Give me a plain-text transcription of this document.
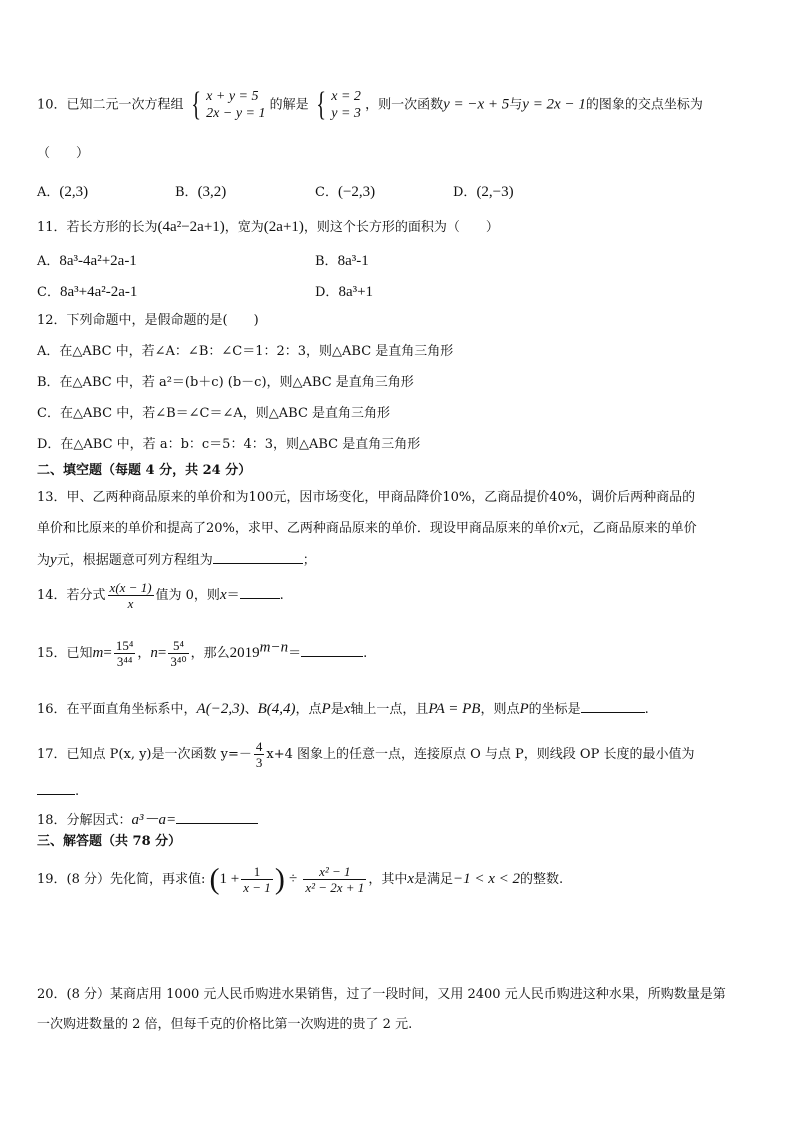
10．已知二元一次方程组 { x + y = 5
2x − y = 1
的解是 { x = 2
y = 3
，则一次函数y = −x + 5与y = 2x − 1的图象的交点坐标为
（　　）
A．(2,3)	B．(3,2)	C．(−2,3)	D．(2,−3)
11．若长方形的长为(4a²−2a+1)，宽为(2a+1)，则这个长方形的面积为（　　）
A．8a³-4a²+2a-1	B．8a³-1
C．8a³+4a²-2a-1	D．8a³+1
12．下列命题中，是假命题的是(　　)
A．在△ABC 中，若∠A：∠B：∠C＝1：2：3，则△ABC 是直角三角形
B．在△ABC 中，若 a²＝(b＋c) (b－c)，则△ABC 是直角三角形
C．在△ABC 中，若∠B＝∠C＝∠A，则△ABC 是直角三角形
D．在△ABC 中，若 a：b：c＝5：4：3，则△ABC 是直角三角形
二、填空题（每题 4 分，共 24 分）
13．甲、乙两种商品原来的单价和为100元，因市场变化，甲商品降价10%，乙商品提价40%，调价后两种商品的
单价和比原来的单价和提高了20%，求甲、乙两种商品原来的单价．现设甲商品原来的单价x元，乙商品原来的单价
为y元，根据题意可列方程组为	；
14．若分式 $\frac{x(x - 1)}{x}$ 值为 0，则x＝	.
15．已知$m= \frac{\text{15⁴}}{\text{3⁴⁴}}$ ，$n= \frac{\text{5⁴}}{\text{3⁴⁰}}$ ，那么$2019^{m-n}=$	.
16．在平面直角坐标系中，A(−2,3)、B(4,4)，点P是x轴上一点，且PA = PB，则点P的坐标是	.
17．已知点 P(x, y)是一次函数 $y=- \frac{4}{3} x+4$ 图象上的任意一点，连接原点 O 与点 P，则线段 OP 长度的最小值为
.
18．分解因式：a³－a=
三、解答题（共 78 分）
19．(8 分）先化简，再求值: ($1 + \frac{1}{x - 1}$ ) ÷ $\frac{\text{x² − 1}}{\text{x² − 2x + 1}}$ ，其中x是满足−1 < x < 2的整数.
20．(8 分）某商店用 1000 元人民币购进水果销售，过了一段时间，又用 2400 元人民币购进这种水果，所购数量是第
一次购进数量的 2 倍，但每千克的价格比第一次购进的贵了 2 元.
